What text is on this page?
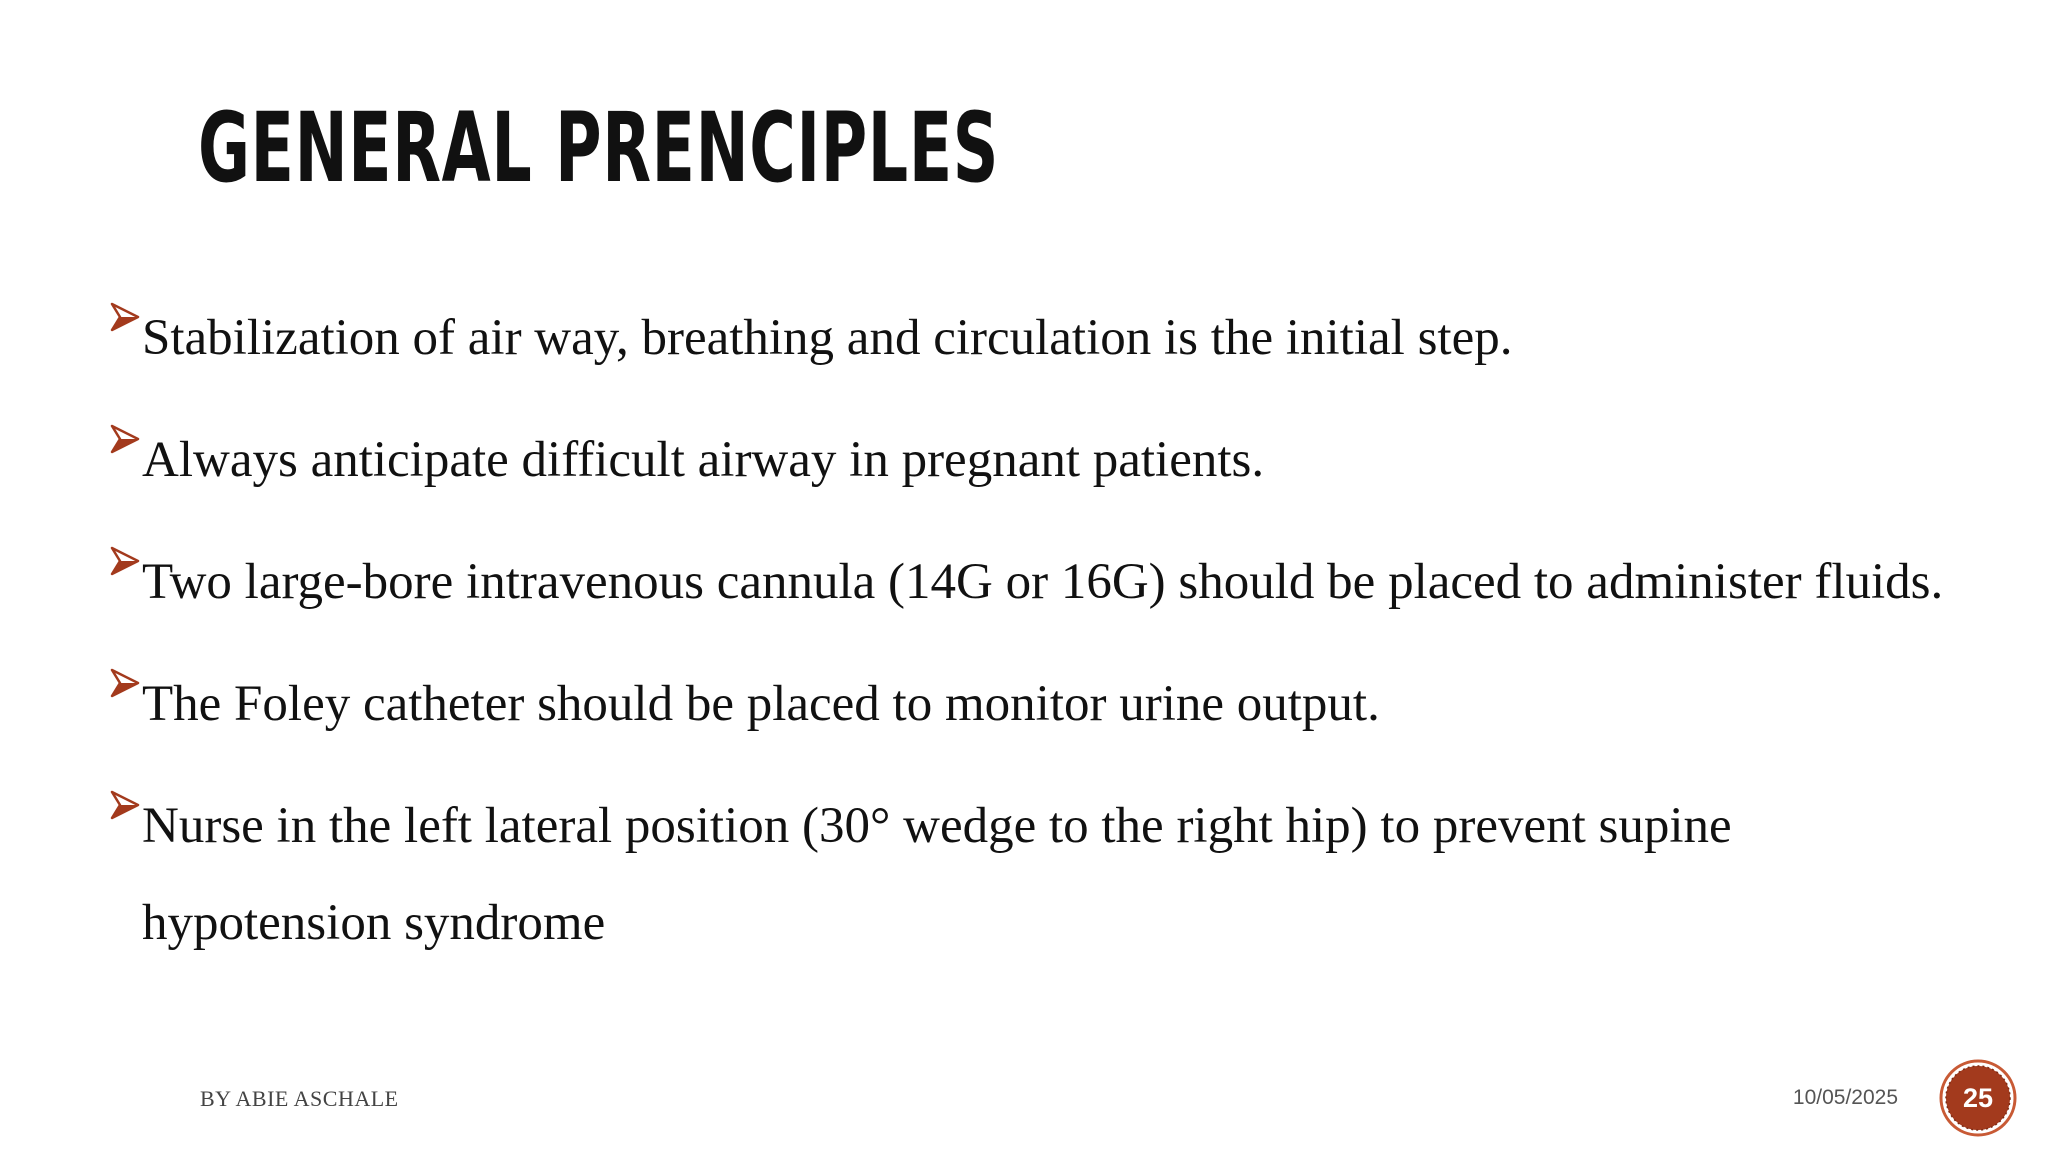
GENERAL PRENCIPLES
Stabilization of air way, breathing and circulation is the initial step.
Always anticipate difficult airway in pregnant patients.
Two large-bore intravenous cannula (14G or 16G) should be placed to administer fluids.
The Foley catheter should be placed to monitor urine output.
Nurse in the left lateral position (30° wedge to the right hip) to prevent supine hypotension syndrome
BY ABIE ASCHALE	10/05/2025	25
